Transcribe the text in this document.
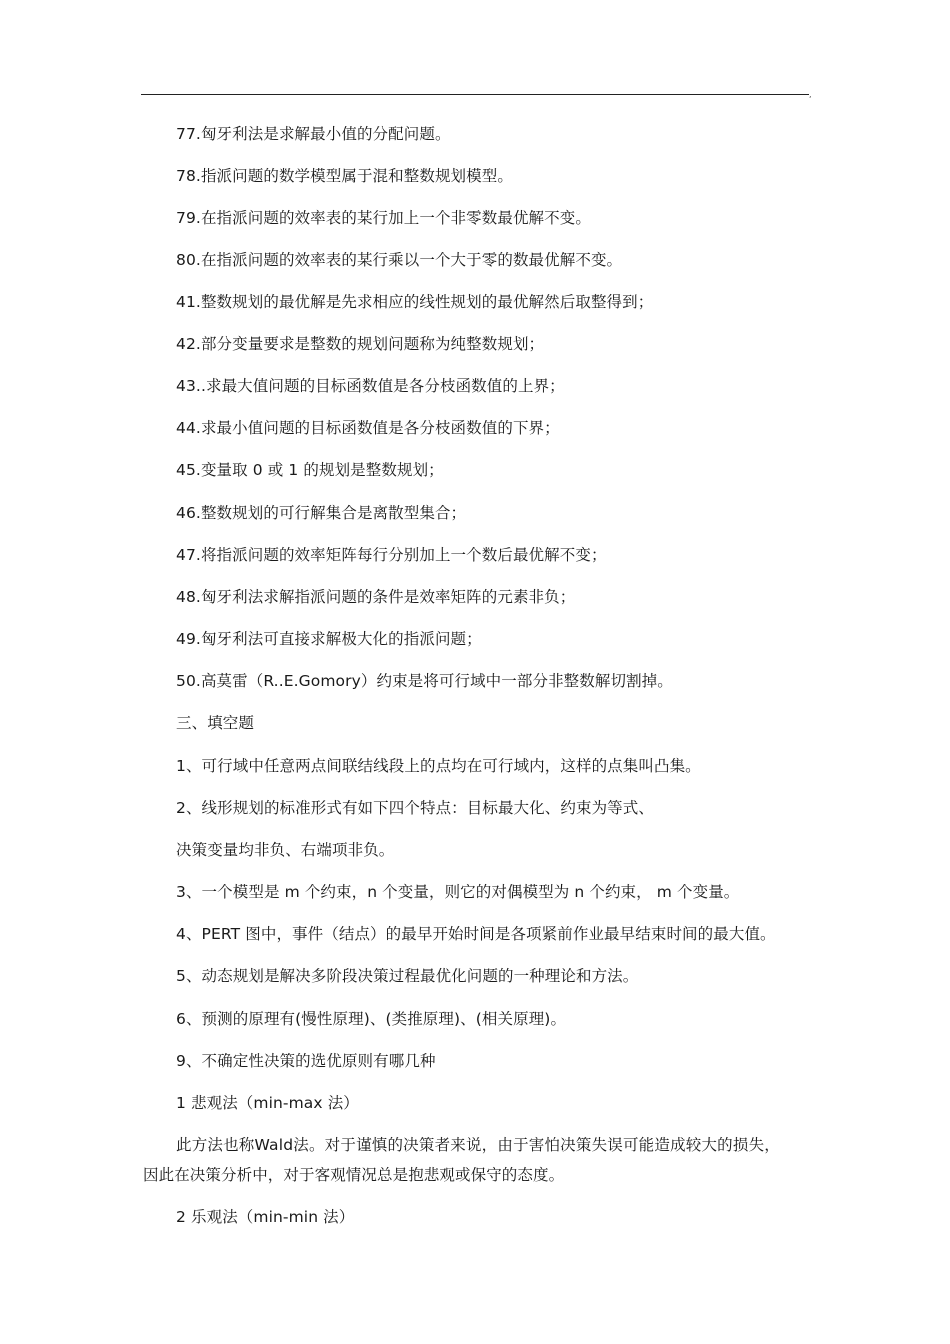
,
77.匈牙利法是求解最小值的分配问题。
78.指派问题的数学模型属于混和整数规划模型。
79.在指派问题的效率表的某行加上一个非零数最优解不变。
80.在指派问题的效率表的某行乘以一个大于零的数最优解不变。
41.整数规划的最优解是先求相应的线性规划的最优解然后取整得到；
42.部分变量要求是整数的规划问题称为纯整数规划；
43..求最大值问题的目标函数值是各分枝函数值的上界；
44.求最小值问题的目标函数值是各分枝函数值的下界；
45.变量取 0 或 1 的规划是整数规划；
46.整数规划的可行解集合是离散型集合；
47.将指派问题的效率矩阵每行分别加上一个数后最优解不变；
48.匈牙利法求解指派问题的条件是效率矩阵的元素非负；
49.匈牙利法可直接求解极大化的指派问题；
50.高莫雷（R..E.Gomory）约束是将可行域中一部分非整数解切割掉。
三、填空题
1、可行域中任意两点间联结线段上的点均在可行域内，这样的点集叫凸集。
2、线形规划的标准形式有如下四个特点：目标最大化、约束为等式、
决策变量均非负、右端项非负。
3、一个模型是 m 个约束，n 个变量，则它的对偶模型为 n 个约束， m 个变量。
4、PERT 图中，事件（结点）的最早开始时间是各项紧前作业最早结束时间的最大值。
5、动态规划是解决多阶段决策过程最优化问题的一种理论和方法。
6、预测的原理有(慢性原理)、(类推原理)、(相关原理)。
9、不确定性决策的选优原则有哪几种
1 悲观法（min-max 法）
此方法也称Wald法。对于谨慎的决策者来说，由于害怕决策失误可能造成较大的损失，
因此在决策分析中，对于客观情况总是抱悲观或保守的态度。
2 乐观法（min-min 法）
